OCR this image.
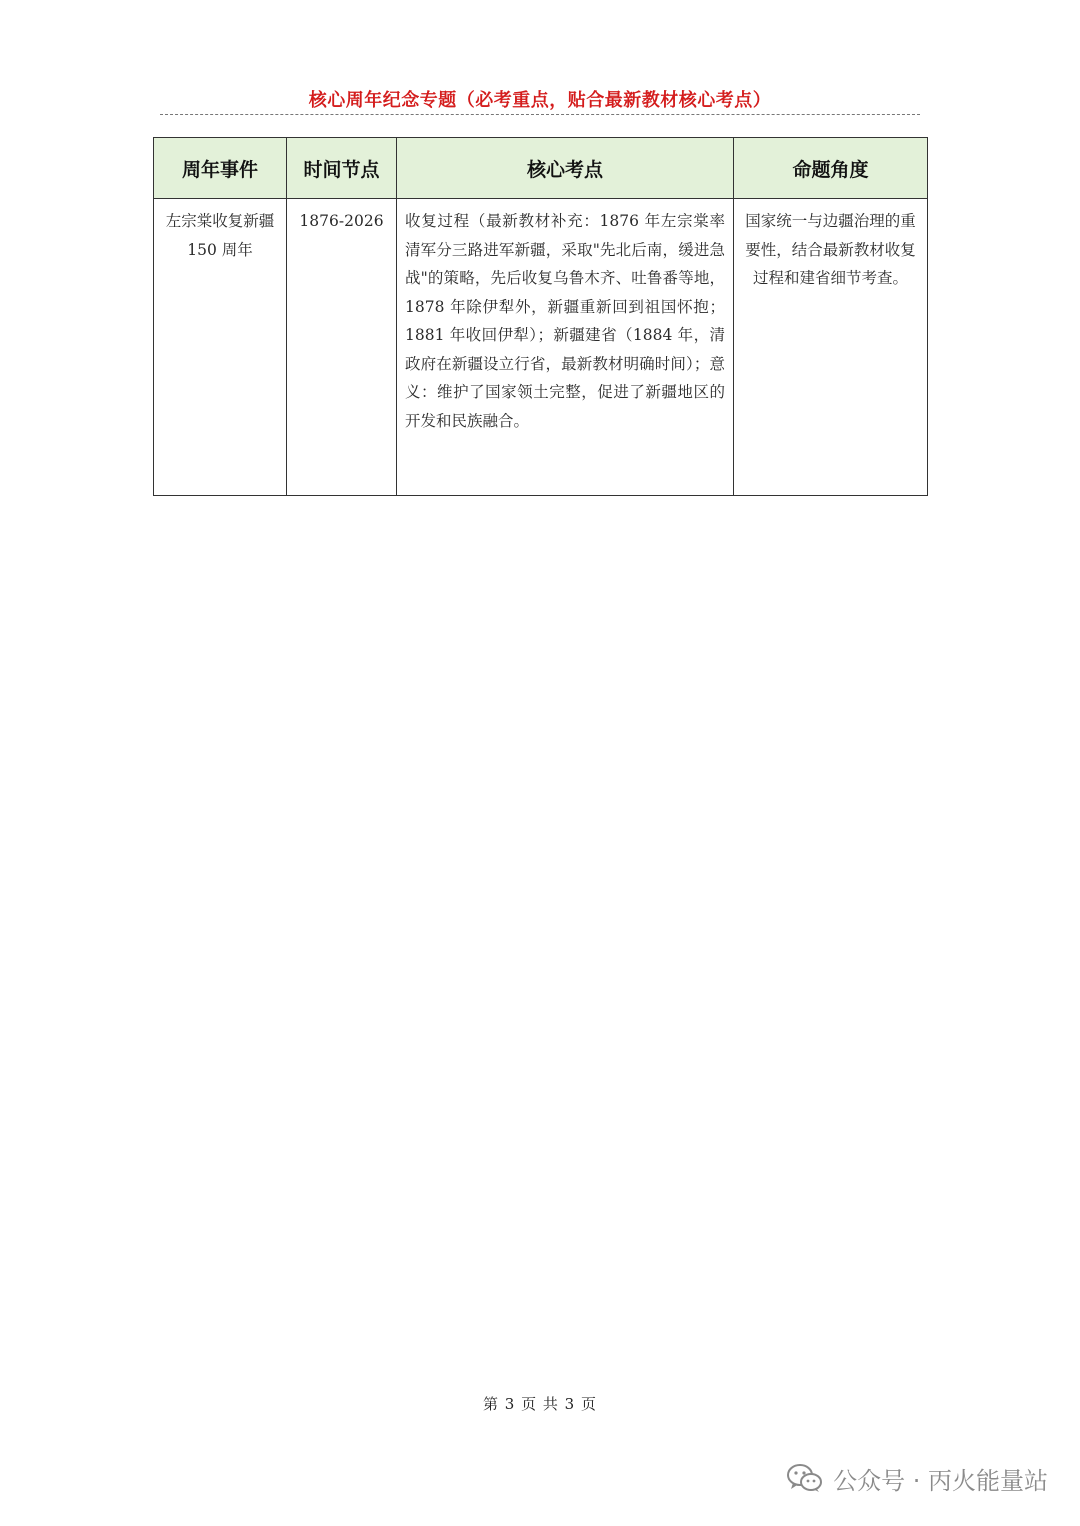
核心周年纪念专题（必考重点，贴合最新教材核心考点）
周年事件	时间节点	核心考点	命题角度
左宗棠收复新疆 150 周年	1876-2026	收复过程（最新教材补充：1876 年左宗棠率清军分三路进军新疆，采取"先北后南，缓进急战"的策略，先后收复乌鲁木齐、吐鲁番等地，1878 年除伊犁外，新疆重新回到祖国怀抱；1881 年收回伊犁）；新疆建省（1884 年，清政府在新疆设立行省，最新教材明确时间）；意义：维护了国家领土完整，促进了新疆地区的开发和民族融合。	国家统一与边疆治理的重要性，结合最新教材收复过程和建省细节考查。
第 3 页 共 3 页
公众号 · 丙火能量站
